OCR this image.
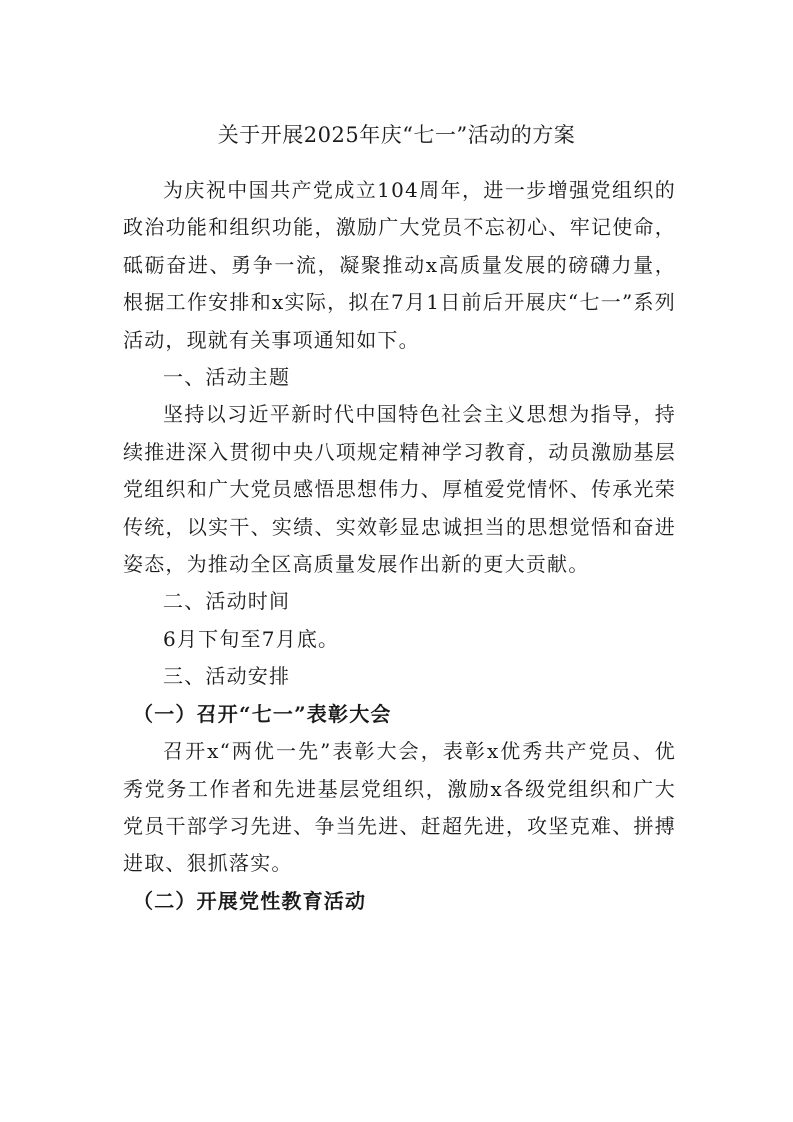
关于开展2025年庆“七一”活动的方案

为庆祝中国共产党成立104周年，进一步增强党组织的政治功能和组织功能，激励广大党员不忘初心、牢记使命，砥砺奋进、勇争一流，凝聚推动x高质量发展的磅礴力量，根据工作安排和x实际，拟在7月1日前后开展庆“七一”系列活动，现就有关事项通知如下。

一、活动主题

坚持以习近平新时代中国特色社会主义思想为指导，持续推进深入贯彻中央八项规定精神学习教育，动员激励基层党组织和广大党员感悟思想伟力、厚植爱党情怀、传承光荣传统，以实干、实绩、实效彰显忠诚担当的思想觉悟和奋进姿态，为推动全区高质量发展作出新的更大贡献。

二、活动时间

6月下旬至7月底。

三、活动安排

（一）召开“七一”表彰大会

召开x“两优一先”表彰大会，表彰x优秀共产党员、优秀党务工作者和先进基层党组织，激励x各级党组织和广大党员干部学习先进、争当先进、赶超先进，攻坚克难、拼搏进取、狠抓落实。

（二）开展党性教育活动
